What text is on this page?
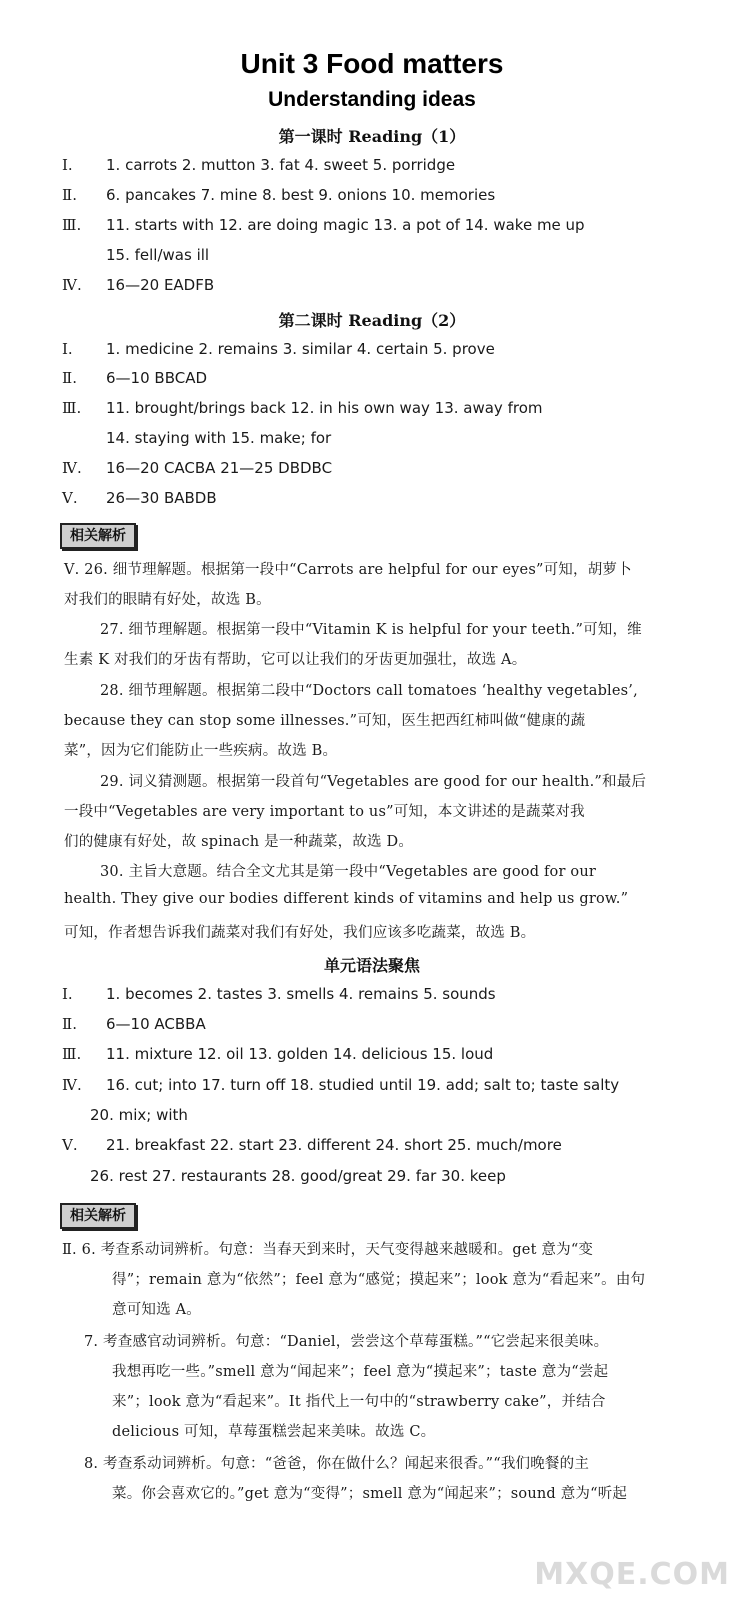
Unit 3 Food matters
Understanding ideas
第一课时 Reading（1）
Ⅰ. 1. carrots 2. mutton 3. fat 4. sweet 5. porridge
Ⅱ. 6. pancakes 7. mine 8. best 9. onions 10. memories
Ⅲ. 11. starts with 12. are doing magic 13. a pot of 14. wake me up
15. fell/was ill
Ⅳ. 16—20 EADFB
第二课时 Reading（2）
Ⅰ. 1. medicine 2. remains 3. similar 4. certain 5. prove
Ⅱ. 6—10 BBCAD
Ⅲ. 11. brought/brings back 12. in his own way 13. away from
14. staying with 15. make; for
Ⅳ. 16—20 CACBA 21—25 DBDBC
Ⅴ. 26—30 BABDB
相关解析
Ⅴ. 26. 细节理解题。根据第一段中“Carrots are helpful for our eyes”可知，胡萝卜
对我们的眼睛有好处，故选 B。
27. 细节理解题。根据第一段中“Vitamin K is helpful for your teeth.”可知，维
生素 K 对我们的牙齿有帮助，它可以让我们的牙齿更加强壮，故选 A。
28. 细节理解题。根据第二段中“Doctors call tomatoes ‘healthy vegetables’,
because they can stop some illnesses.”可知，医生把西红柿叫做“健康的蔬
菜”，因为它们能防止一些疾病。故选 B。
29. 词义猜测题。根据第一段首句“Vegetables are good for our health.”和最后
一段中“Vegetables are very important to us”可知，本文讲述的是蔬菜对我
们的健康有好处，故 spinach 是一种蔬菜，故选 D。
30. 主旨大意题。结合全文尤其是第一段中“Vegetables are good for our
health. They give our bodies different kinds of vitamins and help us grow.”
可知，作者想告诉我们蔬菜对我们有好处，我们应该多吃蔬菜，故选 B。
单元语法聚焦
Ⅰ. 1. becomes 2. tastes 3. smells 4. remains 5. sounds
Ⅱ. 6—10 ACBBA
Ⅲ. 11. mixture 12. oil 13. golden 14. delicious 15. loud
Ⅳ. 16. cut; into 17. turn off 18. studied until 19. add; salt to; taste salty
20. mix; with
Ⅴ. 21. breakfast 22. start 23. different 24. short 25. much/more
26. rest 27. restaurants 28. good/great 29. far 30. keep
相关解析
Ⅱ. 6. 考查系动词辨析。句意：当春天到来时，天气变得越来越暖和。get 意为“变
得”；remain 意为“依然”；feel 意为“感觉；摸起来”；look 意为“看起来”。由句
意可知选 A。
7. 考查感官动词辨析。句意：“Daniel，尝尝这个草莓蛋糕。”“它尝起来很美味。
我想再吃一些。”smell 意为“闻起来”；feel 意为“摸起来”；taste 意为“尝起
来”；look 意为“看起来”。It 指代上一句中的“strawberry cake”，并结合
delicious 可知，草莓蛋糕尝起来美味。故选 C。
8. 考查系动词辨析。句意：“爸爸，你在做什么？闻起来很香。”“我们晚餐的主
菜。你会喜欢它的。”get 意为“变得”；smell 意为“闻起来”；sound 意为“听起
MXQE.COM
